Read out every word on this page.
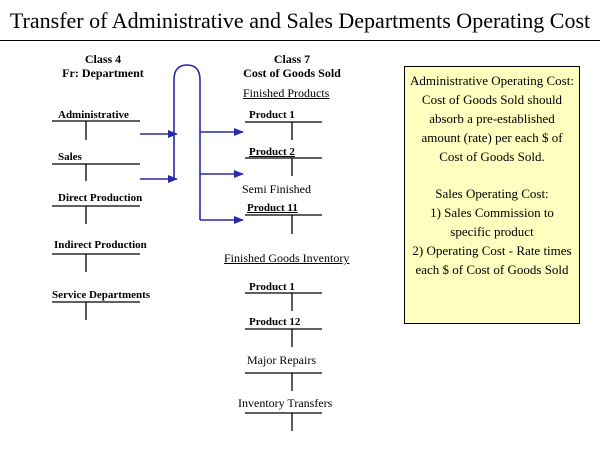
Transfer of Administrative and Sales Departments Operating Cost
Class 4
Fr: Department
Class 7
Cost of Goods Sold
Administrative
Sales
Direct Production
Indirect Production
Service Departments
Finished Products
Product 1
Product 2
Semi Finished
Product 11
Finished Goods Inventory
Product 1
Product 12
Major Repairs
Inventory Transfers

Administrative Operating Cost:

Cost of Goods Sold should absorb a pre-established amount (rate) per each $ of Cost of Goods Sold.

Sales Operating Cost:

1) Sales Commission to specific product

2) Operating Cost - Rate times each $ of Cost of Goods Sold
